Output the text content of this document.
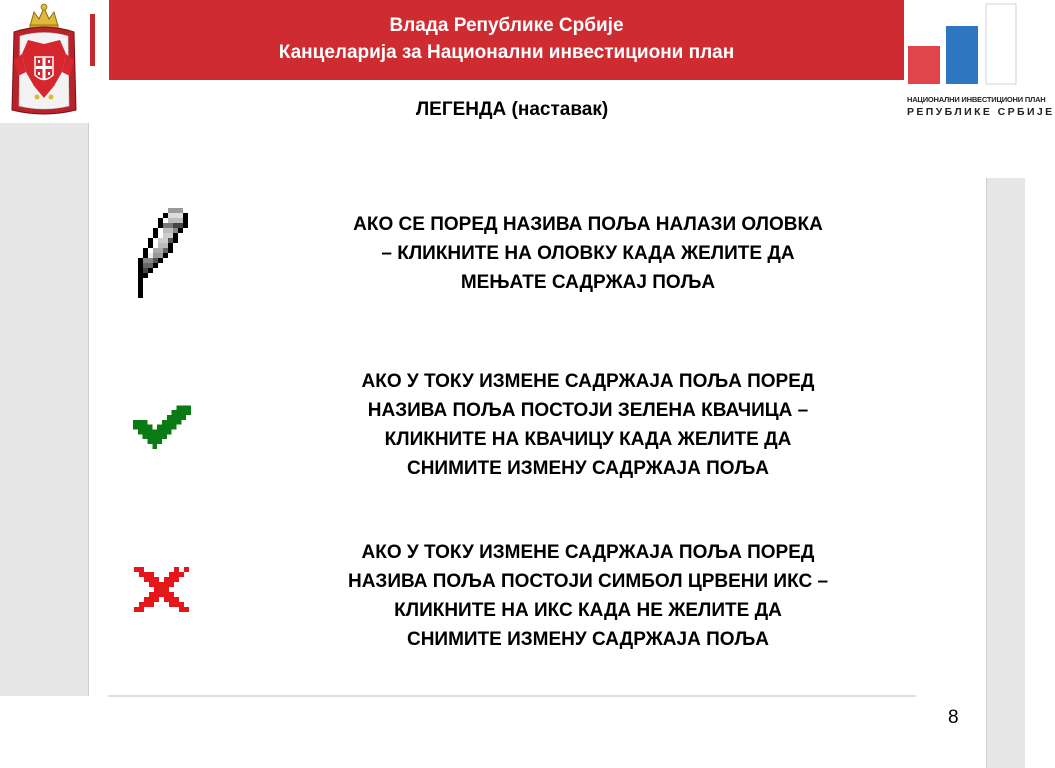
Влада Републике Србије
Канцеларија за Национални инвестициони план
НАЦИОНАЛНИ ИНВЕСТИЦИОНИ ПЛАН
РЕПУБЛИКЕ СРБИЈЕ
ЛЕГЕНДА (наставак)
АКО СЕ ПОРЕД НАЗИВА ПОЉА НАЛАЗИ ОЛОВКА
– КЛИКНИТЕ НА ОЛОВКУ КАДА ЖЕЛИТЕ ДА
МЕЊАТЕ САДРЖАЈ ПОЉА
АКО У ТОКУ ИЗМЕНЕ САДРЖАЈА ПОЉА ПОРЕД
НАЗИВА ПОЉА ПОСТОЈИ ЗЕЛЕНА КВАЧИЦА –
КЛИКНИТЕ НА КВАЧИЦУ КАДА ЖЕЛИТЕ ДА
СНИМИТЕ ИЗМЕНУ САДРЖАЈА ПОЉА
АКО У ТОКУ ИЗМЕНЕ САДРЖАЈА ПОЉА ПОРЕД
НАЗИВА ПОЉА ПОСТОЈИ СИМБОЛ ЦРВЕНИ ИКС –
КЛИКНИТЕ НА ИКС КАДА НЕ ЖЕЛИТЕ ДА
СНИМИТЕ ИЗМЕНУ САДРЖАЈА ПОЉА
8
